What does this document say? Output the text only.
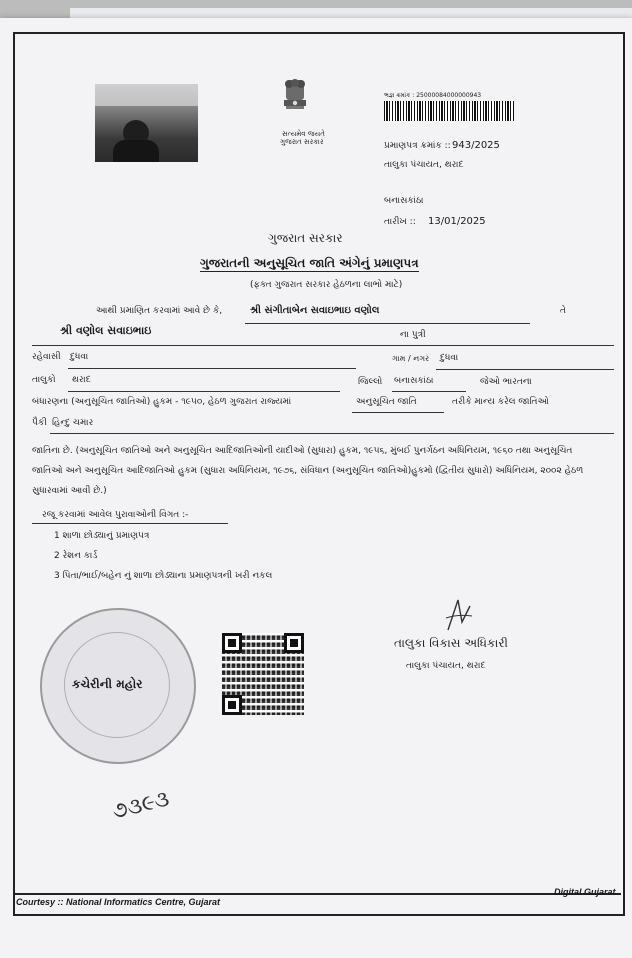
સત્યમેવ જયતે
ગુજરાત સરકાર
ભજ્ઞ ક્રમાંક : 25000084000000943
પ્રમાણપત્ર ક્રમાંક :: 943/2025
તાલુકા પંચાયત, થરાદ
બનાસકાંઠા
તારીખ :: 13/01/2025
ગુજરાત સરકાર
ગુજરાતની અનુસૂચિત જાતિ અંગેનું પ્રમાણપત્ર
(ફક્ત ગુજરાત સરકાર હેઠળના લાભો માટે)
આથી પ્રમાણિત કરવામાં આવે છે કે,	શ્રી સંગીતાબેન સવાઇભાઇ વણોલ	તે
શ્રી વણોલ સવાઇભાઇ	ના પુત્રી
રહેવાસી દુધવા	ગામ / નગર દુધવા
તાલુકો થરાદ	જિલ્લો બનાસકાંઠા	જેઓ ભારતના
બંધારણના (અનુસૂચિત જાતિઓ) હુકમ - ૧૯૫૦, હેઠળ ગુજરાત રાજ્યમાં	અનુસૂચિત જાતિ	તરીકે માન્ય કરેલ જાતિઓ
પૈકી હિન્દુ ચમાર
જાતિના છે. (અનુસૂચિત જાતિઓ અને અનુસૂચિત આદિજાતિઓની યાદીઓ (સુધારા) હુકમ, ૧૯૫૬, મુંબઈ પુનર્ગઠન અધિનિયમ, ૧૯૬૦ તથા અનુસૂચિત જાતિઓ અને અનુસૂચિત આદિજાતિઓ હુકમ (સુધારા અધિનિયમ, ૧૯૭૬, સંવિધાન (અનુસૂચિત જાતિઓ)હુકમો (દ્વિતીય સુધારો) અધિનિયમ, ૨૦૦૨ હેઠળ સુધારવામાં આવી છે.)
રજૂ કરવામાં આવેલ પુરાવાઓની વિગત :-
1 શાળા છોડ્યાનું પ્રમાણપત્ર
2 રેશન કાર્ડ
3 પિતા/ભાઈ/બહેન નું શાળા છોડ્યાના પ્રમાણપત્રની ખરી નકલ
કચેરીની મહોર
તાલુકા વિકાસ અધિકારી
તાલુકા પંચાયત, થરાદ
૭૩૯૩
Courtesy :: National Informatics Centre, Gujarat
Digital Gujarat
